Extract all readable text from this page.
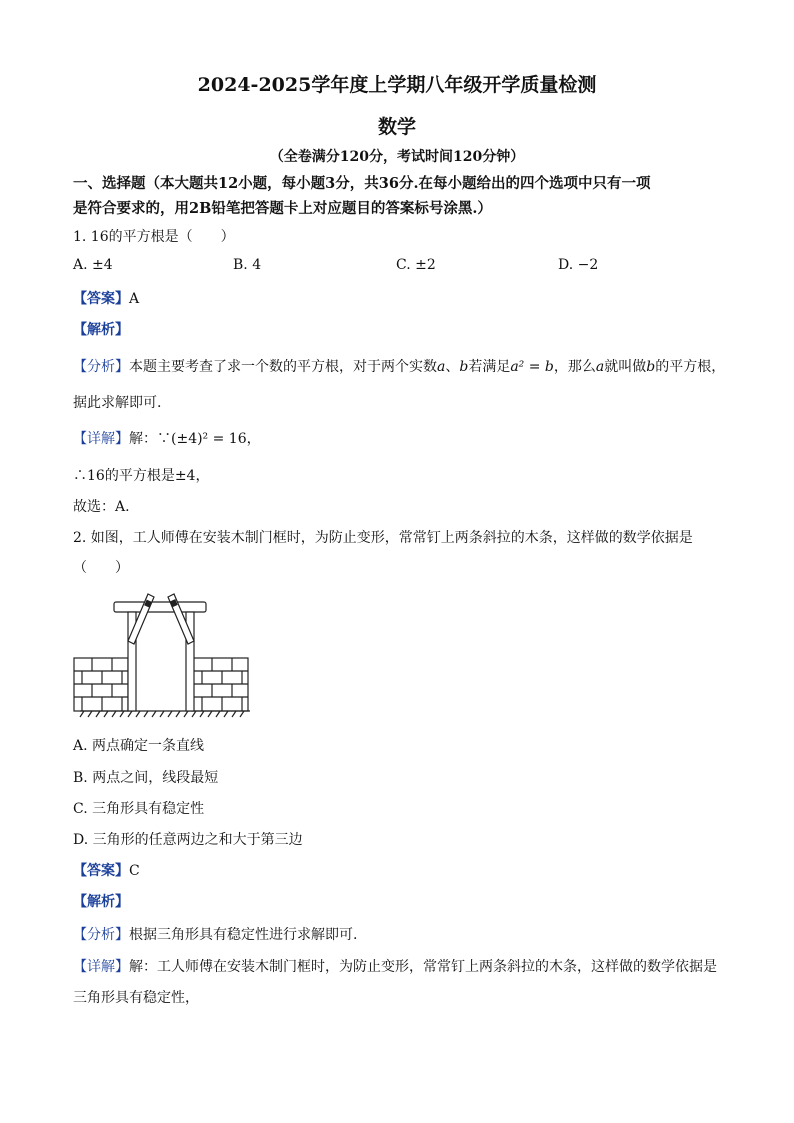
2024-2025学年度上学期八年级开学质量检测
数学
（全卷满分120分，考试时间120分钟）
一、选择题（本大题共12小题，每小题3分，共36分.在每小题给出的四个选项中只有一项
是符合要求的，用2B铅笔把答题卡上对应题目的答案标号涂黑.）
1. 16的平方根是（　　）
A. ±4	B. 4	C. ±2	D. −2
【答案】A
【解析】
【分析】本题主要考查了求一个数的平方根，对于两个实数a、b若满足a² = b，那么a就叫做b的平方根，
据此求解即可.
【详解】解：∵(±4)² = 16，
∴16的平方根是±4，
故选：A.
2. 如图，工人师傅在安装木制门框时，为防止变形，常常钉上两条斜拉的木条，这样做的数学依据是
（　　）
A. 两点确定一条直线
B. 两点之间，线段最短
C. 三角形具有稳定性
D. 三角形的任意两边之和大于第三边
【答案】C
【解析】
【分析】根据三角形具有稳定性进行求解即可.
【详解】解：工人师傅在安装木制门框时，为防止变形，常常钉上两条斜拉的木条，这样做的数学依据是
三角形具有稳定性，
